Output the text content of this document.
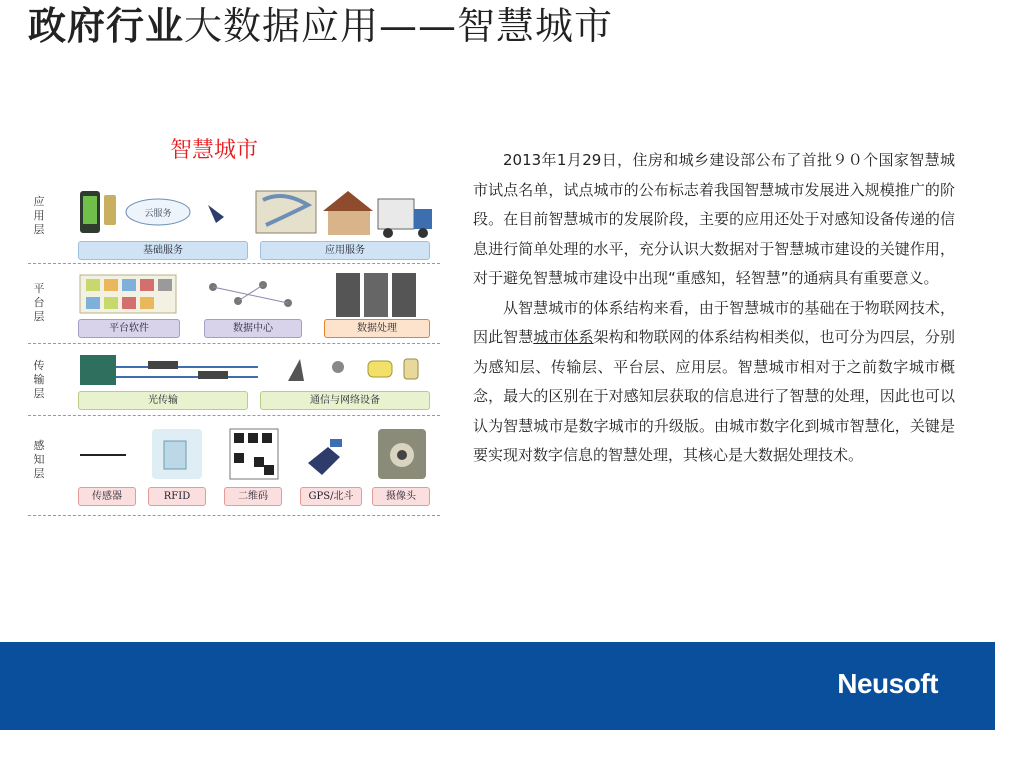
政府行业大数据应用——智慧城市
智慧城市
应用层
云服务
基础服务	应用服务
平台层
平台软件	数据中心	数据处理
传输层
光传输	通信与网络设备
感知层
传感器	RFID	二维码	GPS/北斗	摄像头

2013年1月29日，住房和城乡建设部公布了首批９０个国家智慧城市试点名单，试点城市的公布标志着我国智慧城市发展进入规模推广的阶段。在目前智慧城市的发展阶段，主要的应用还处于对感知设备传递的信息进行简单处理的水平，充分认识大数据对于智慧城市建设的关键作用，对于避免智慧城市建设中出现“重感知，轻智慧”的通病具有重要意义。

从智慧城市的体系结构来看，由于智慧城市的基础在于物联网技术，因此智慧城市体系架构和物联网的体系结构相类似，也可分为四层，分别为感知层、传输层、平台层、应用层。智慧城市相对于之前数字城市概念，最大的区别在于对感知层获取的信息进行了智慧的处理，因此也可以认为智慧城市是数字城市的升级版。由城市数字化到城市智慧化，关键是要实现对数字信息的智慧处理，其核心是大数据处理技术。

Neusoft
